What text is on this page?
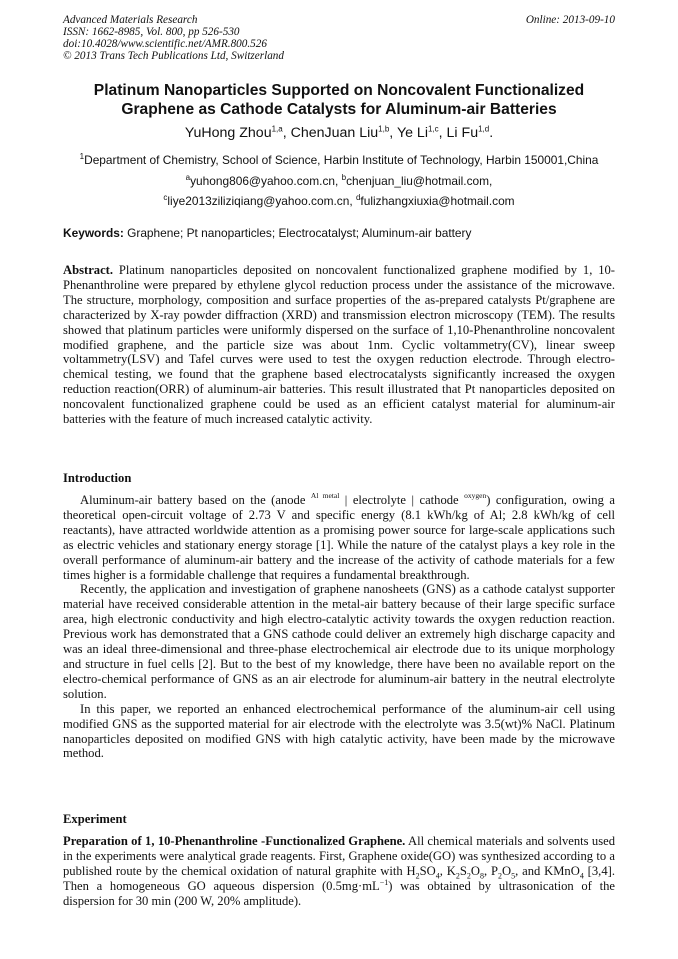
Advanced Materials Research
ISSN: 1662-8985, Vol. 800, pp 526-530
doi:10.4028/www.scientific.net/AMR.800.526
© 2013 Trans Tech Publications Ltd, Switzerland
Online: 2013-09-10
Platinum Nanoparticles Supported on Noncovalent Functionalized
Graphene as Cathode Catalysts for Aluminum-air Batteries
YuHong Zhou$^{1,a}$, ChenJuan Liu$^{1,b}$, Ye Li$^{1,c}$, Li Fu$^{1,d}$.
$^1$Department of Chemistry, School of Science, Harbin Institute of Technology, Harbin 150001,China
$^a$yuhong806@yahoo.com.cn, $^b$chenjuan_liu@hotmail.com,
$^c$liye2013ziliziqiang@yahoo.com.cn, $^d$fulizhangxiuxia@hotmail.com
Keywords: Graphene; Pt nanoparticles; Electrocatalyst; Aluminum-air battery
Abstract. Platinum nanoparticles deposited on noncovalent functionalized graphene modified by 1, 10-Phenanthroline were prepared by ethylene glycol reduction process under the assistance of the microwave. The structure, morphology, composition and surface properties of the as-prepared catalysts Pt/graphene are characterized by X-ray powder diffraction (XRD) and transmission electron microscopy (TEM). The results showed that platinum particles were uniformly dispersed on the surface of 1,10-Phenanthroline noncovalent modified graphene, and the particle size was about 1nm. Cyclic voltammetry(CV), linear sweep voltammetry(LSV) and Tafel curves were used to test the oxygen reduction electrode. Through electro-chemical testing, we found that the graphene based electrocatalysts significantly increased the oxygen reduction reaction(ORR) of aluminum-air batteries. This result illustrated that Pt nanoparticles deposited on noncovalent functionalized graphene could be used as an efficient catalyst material for aluminum-air batteries with the feature of much increased catalytic activity.
Introduction

Aluminum-air battery based on the (anode $^{Al metal}$ | electrolyte | cathode $^{oxygen}$) configuration, owing a theoretical open-circuit voltage of 2.73 V and specific energy (8.1 kWh/kg of Al; 2.8 kWh/kg of cell reactants), have attracted worldwide attention as a promising power source for large-scale applications such as electric vehicles and stationary energy storage [1]. While the nature of the catalyst plays a key role in the overall performance of aluminum-air battery and the increase of the activity of cathode materials for a few times higher is a formidable challenge that requires a fundamental breakthrough.

Recently, the application and investigation of graphene nanosheets (GNS) as a cathode catalyst supporter material have received considerable attention in the metal-air battery because of their large specific surface area, high electronic conductivity and high electro-catalytic activity towards the oxygen reduction reaction. Previous work has demonstrated that a GNS cathode could deliver an extremely high discharge capacity and was an ideal three-dimensional and three-phase electrochemical air electrode due to its unique morphology and structure in fuel cells [2]. But to the best of my knowledge, there have been no available report on the electro-chemical performance of GNS as an air electrode for aluminum-air battery in the neutral electrolyte solution.

In this paper, we reported an enhanced electrochemical performance of the aluminum-air cell using modified GNS as the supported material for air electrode with the electrolyte was 3.5(wt)% NaCl. Platinum nanoparticles deposited on modified GNS with high catalytic activity, have been made by the microwave method.

Experiment

Preparation of 1, 10-Phenanthroline -Functionalized Graphene. All chemical materials and solvents used in the experiments were analytical grade reagents. First, Graphene oxide(GO) was synthesized according to a published route by the chemical oxidation of natural graphite with $H_2SO_4$, $K_2S_2O_8$, $P_2O_5$, and KMnO$_4$ [3,4]. Then a homogeneous GO aqueous dispersion $(0.5mg\cdot mL^{-1})$ was obtained by ultrasonication of the dispersion for 30 min (200 W, 20% amplitude).
